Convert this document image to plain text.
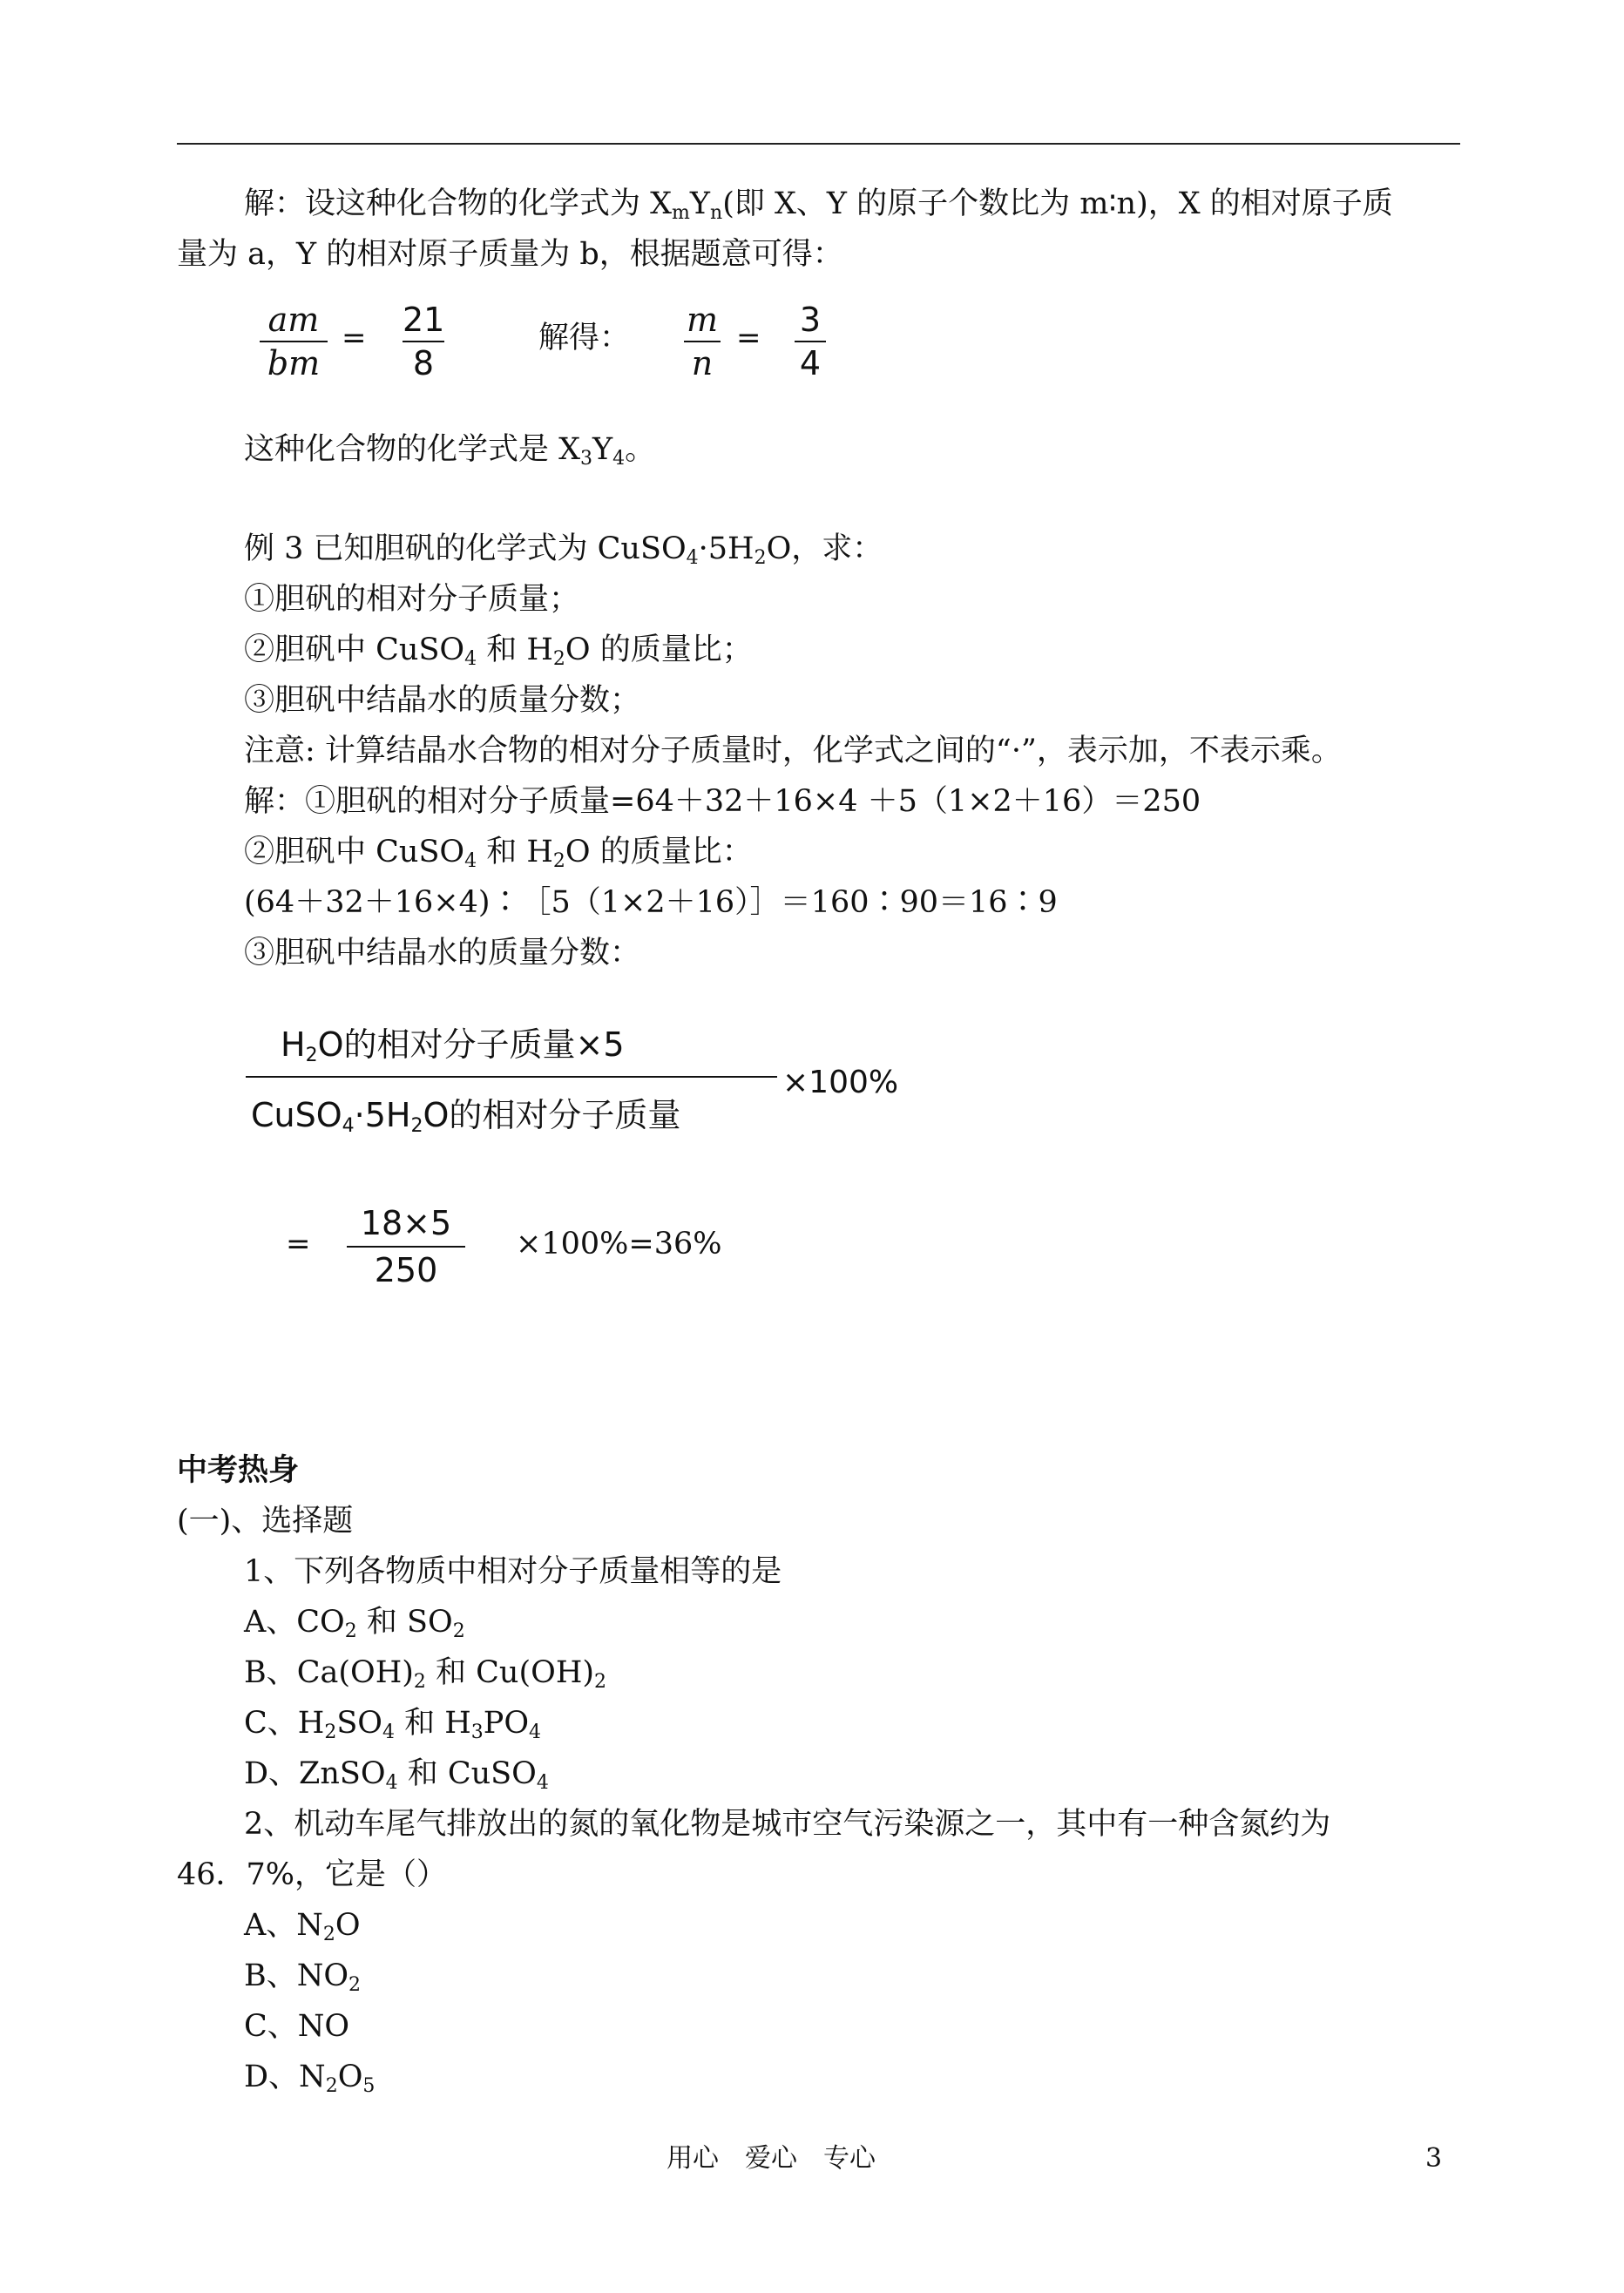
解：设这种化合物的化学式为 $X_mY_n$(即 X、Y 的原子个数比为 m∶n)，X 的相对原子质
量为 a，Y 的相对原子质量为 b，根据题意可得：
am
bm
= 21
8
解得： m
n
= 3
4
这种化合物的化学式是 $X_3Y_4$。
例 3 已知胆矾的化学式为 $CuSO_4\cdot 5H_2O$，求：
①胆矾的相对分子质量；
②胆矾中 CuSO$_4$ 和 $H_2O$ 的质量比；
③胆矾中结晶水的质量分数；
注意: 计算结晶水合物的相对分子质量时，化学式之间的“·”，表示加，不表示乘。
解：①胆矾的相对分子质量=64＋32＋16×4 ＋5（1×2＋16）＝250
②胆矾中 CuSO$_4$ 和 $H_2O$ 的质量比：
(64＋32＋16×4)∶［5（1×2＋16）］＝160∶90＝16∶9
③胆矾中结晶水的质量分数：
$H_2O$的相对分子质量×5
$CuSO_4\cdot 5H_2O$的相对分子质量
×100%
=
18×5
250
×100%=36%
中考热身
(一)、选择题
1、下列各物质中相对分子质量相等的是
A、$CO_2$ 和 $SO_2$
B、$Ca(OH)_2$ 和 $Cu(OH)_2$
C、$H_2SO_4$ 和 $H_3PO_4$
D、ZnSO$_4$ 和 CuSO$_4$
2、机动车尾气排放出的氮的氧化物是城市空气污染源之一，其中有一种含氮约为
46．7%，它是（）
A、$N_2O$
B、$NO_2$
C、NO
D、$N_2O_5$
用心　爱心　专心	3
